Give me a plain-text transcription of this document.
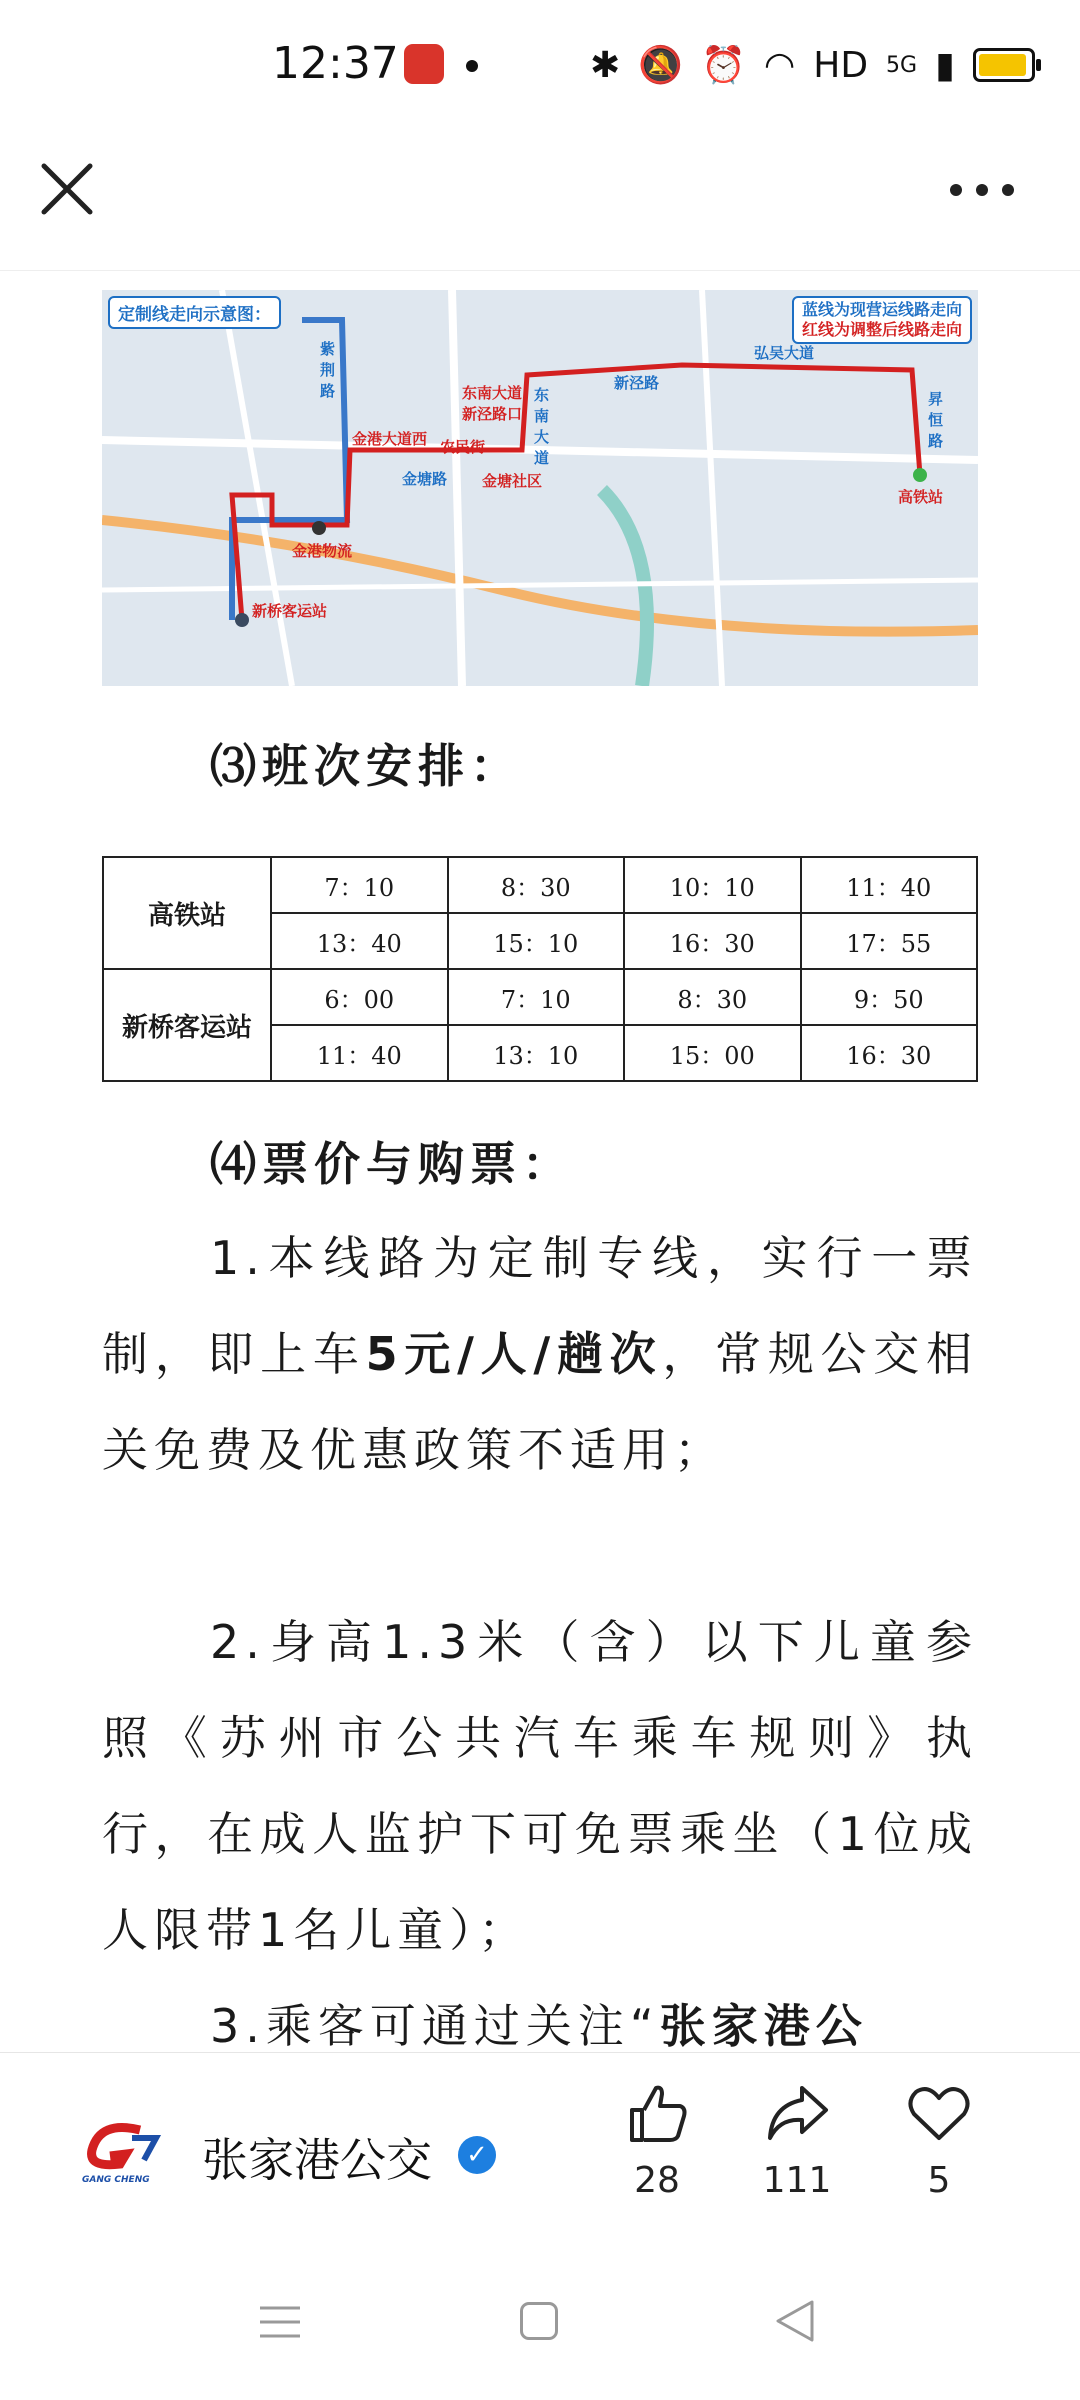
12:37	✱ 🔕 ⏰ ◠ HD 5G ▮
定制线走向示意图：	蓝线为现营运线路走向
红线为调整后线路走向
紫荆路
金港大道西
金塘路
农民街
金塘社区
东南大道新泾路口
东南大道
新泾路
弘吴大道
昇恒路
高铁站
金港物流
新桥客运站
⑶班次安排：
高铁站	7：10	8：30	10：10	11：40
	13：40	15：10	16：30	17：55
新桥客运站	6：00	7：10	8：30	9：50
	11：40	13：10	15：00	16：30
⑷票价与购票：
1.本线路为定制专线，实行一票制，即上车5元/人/趟次，常规公交相关免费及优惠政策不适用；
2.身高1.3米（含）以下儿童参照《苏州市公共汽车乘车规则》执行，在成人监护下可免票乘坐（1位成人限带1名儿童）；
3.乘客可通过关注“张家港公
GANG CHENG 张家港公交	✓
28	111	5
